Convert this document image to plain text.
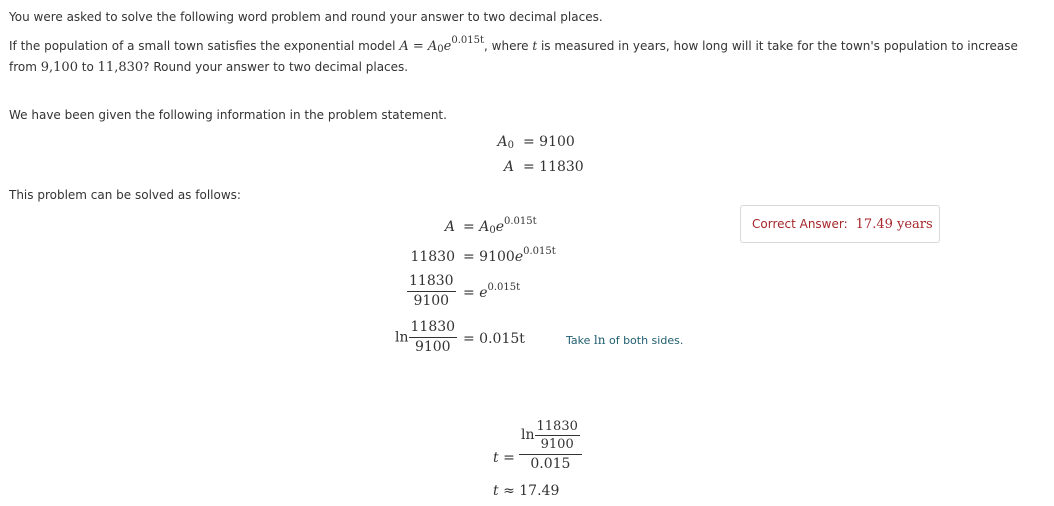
You were asked to solve the following word problem and round your answer to two decimal places.
If the population of a small town satisfies the exponential model $A = A_0e^{0.015t}$, where t is measured in years, how long will it take for the town's population to increase
from 9,100 to 11,830? Round your answer to two decimal places.
We have been given the following information in the problem statement.
$A_0 = 9100$
A = 11830
This problem can be solved as follows:
$A = A_0e^{0.015t}$
$11830 = 9100e^{0.015t}$
$\frac{11830}{9100} = e^{0.015t}$
$\ln \frac{11830}{9100} = 0.015t$	Take ln of both sides.
Correct Answer: 17.49 years
$t = \frac{\ln \frac{11830}{9100}}{0.015}$
t ≈ 17.49
